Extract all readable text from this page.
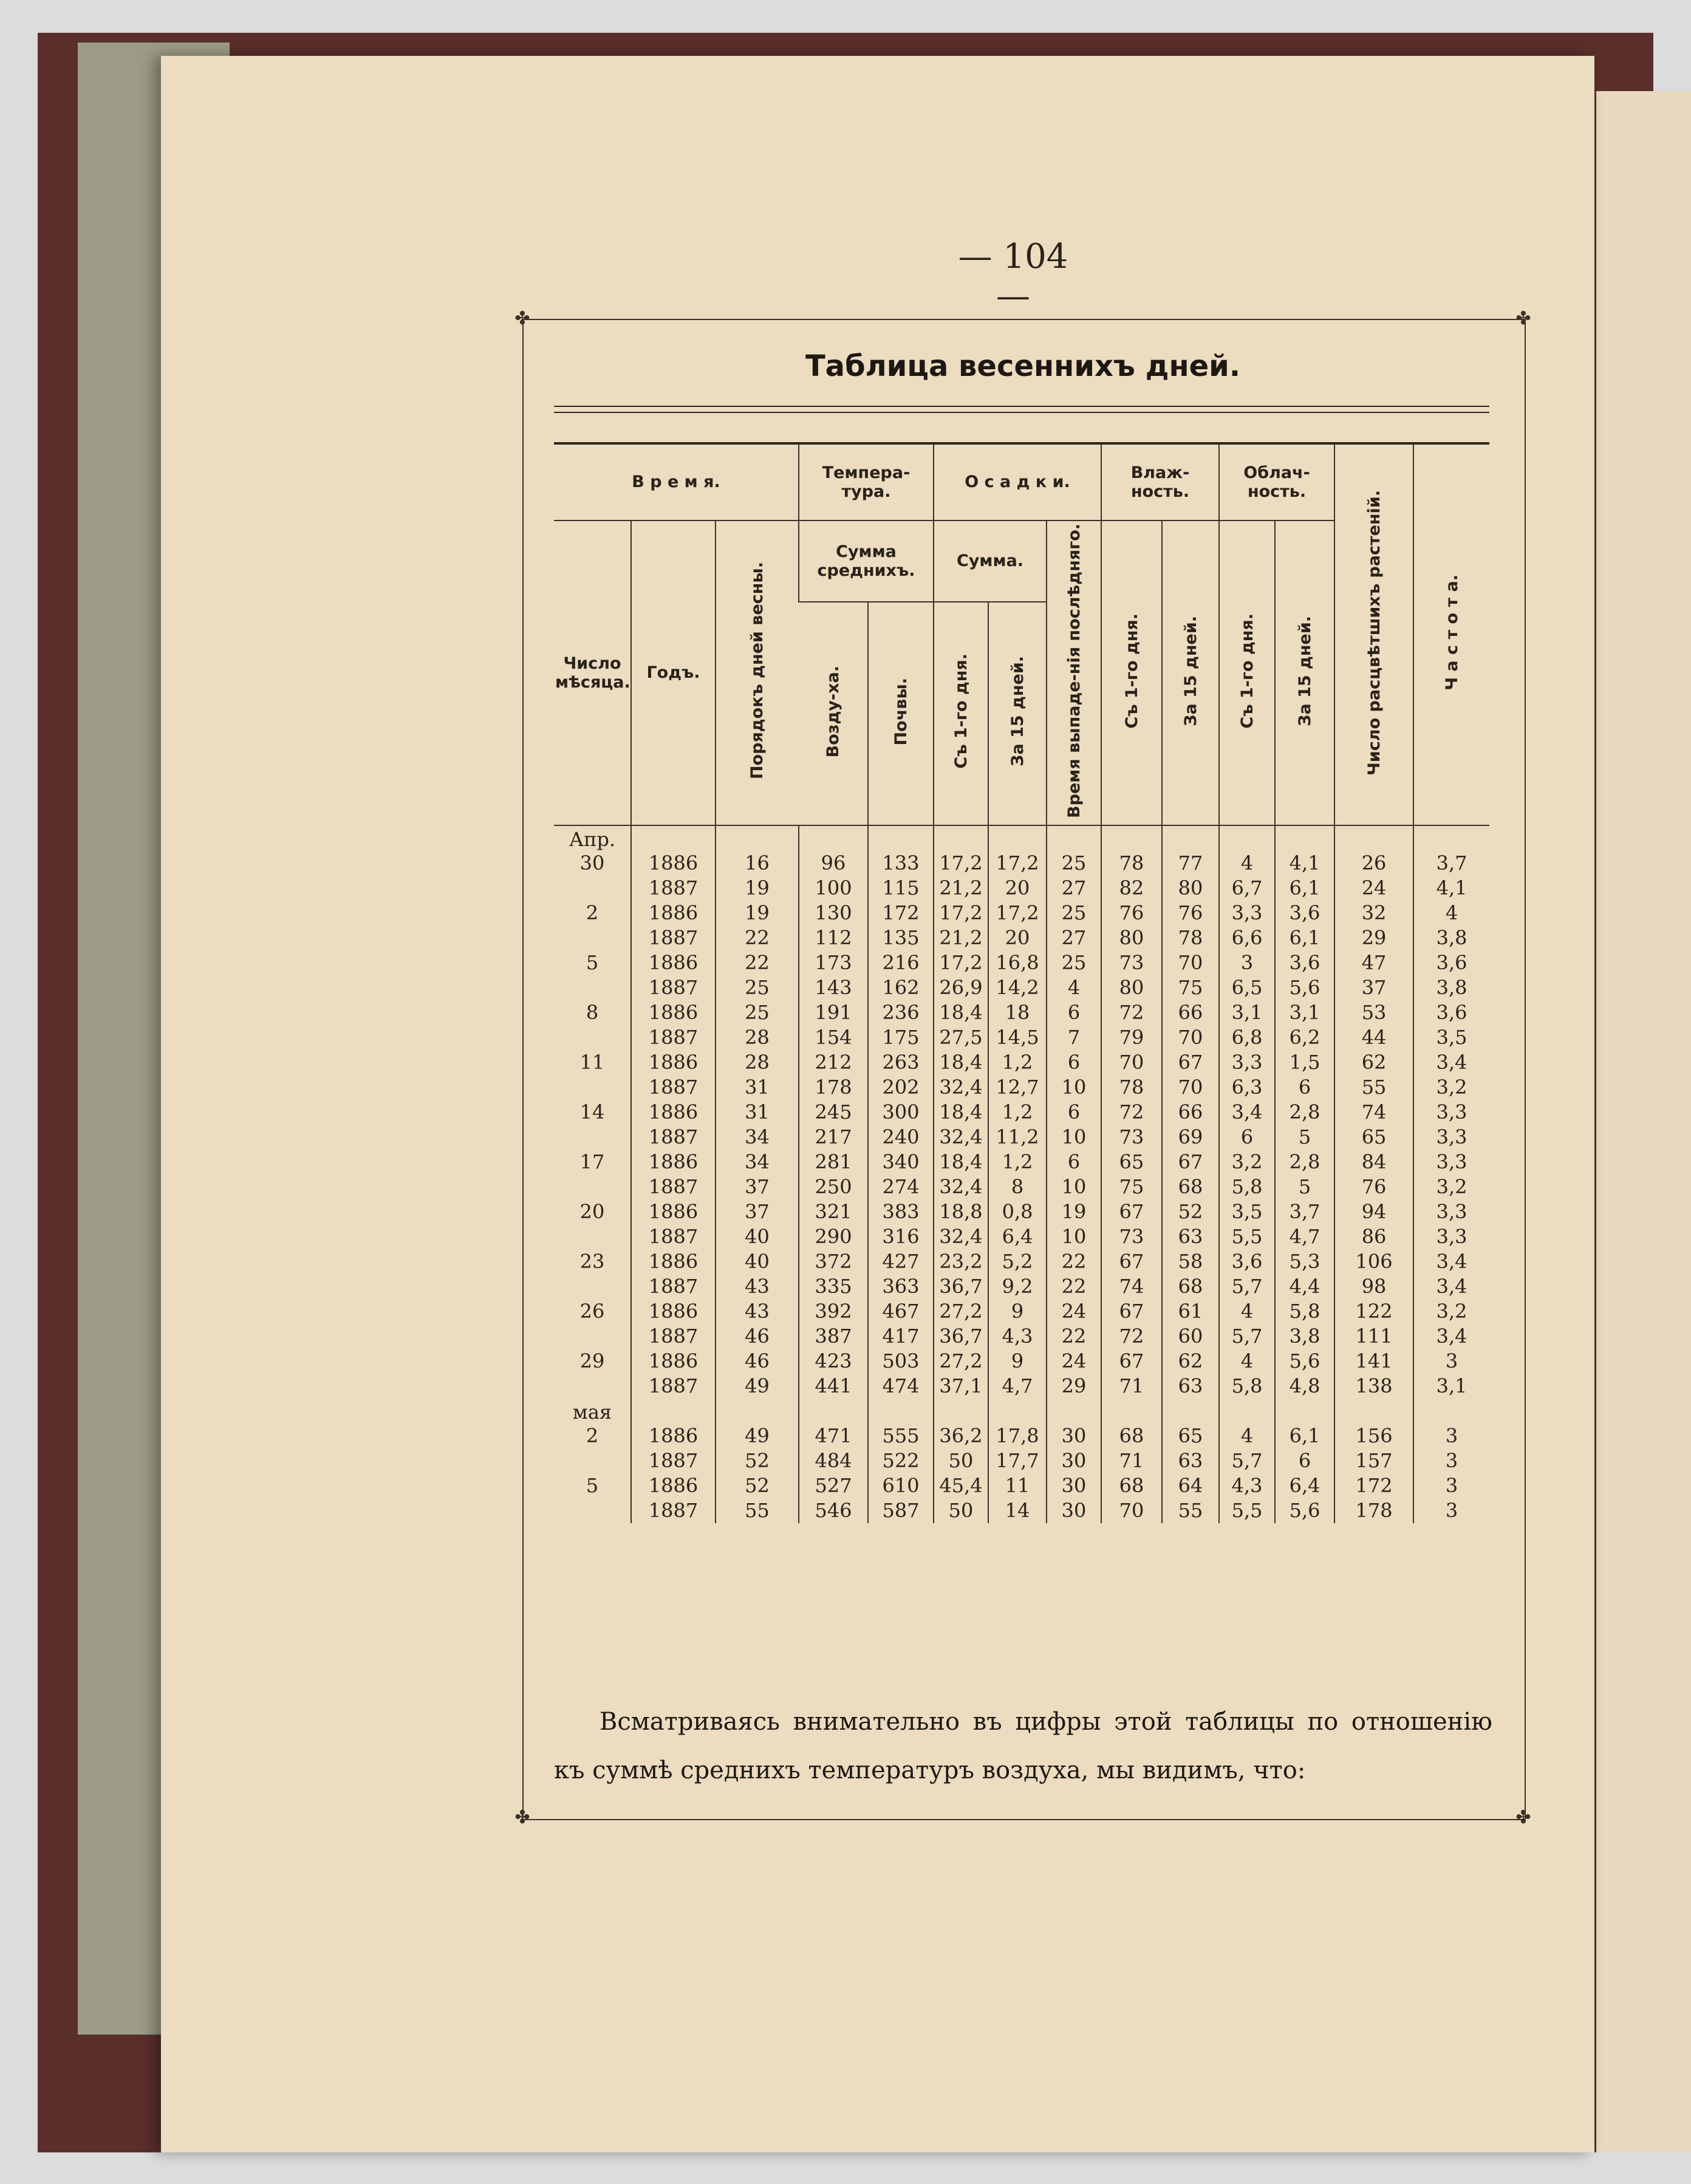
— 104 —
✤	✤
✤	✤
Таблица весеннихъ дней.
В р е м я.			Темпера-тура.		О с а д к и.			Влаж-ность.		Облач-ность.		Число расцвѣтшихъ растеній.	Ч а с т о т а.
Число мѣсяца.	Годъ.	Порядокъ дней весны.	Сумма среднихъ.		Сумма.		Время выпаде-нія послѣдняго.	Съ 1-го дня.	За 15 дней.	Съ 1-го дня.	За 15 дней.		
			Возду-ха.	Почвы.	Съ 1-го дня.	За 15 дней.							
Апр.													
30	1886	16	96	133	17,2	17,2	25	78	77	4	4,1	26	3,7
	1887	19	100	115	21,2	20	27	82	80	6,7	6,1	24	4,1
2	1886	19	130	172	17,2	17,2	25	76	76	3,3	3,6	32	4
	1887	22	112	135	21,2	20	27	80	78	6,6	6,1	29	3,8
5	1886	22	173	216	17,2	16,8	25	73	70	3	3,6	47	3,6
	1887	25	143	162	26,9	14,2	4	80	75	6,5	5,6	37	3,8
8	1886	25	191	236	18,4	18	6	72	66	3,1	3,1	53	3,6
	1887	28	154	175	27,5	14,5	7	79	70	6,8	6,2	44	3,5
11	1886	28	212	263	18,4	1,2	6	70	67	3,3	1,5	62	3,4
	1887	31	178	202	32,4	12,7	10	78	70	6,3	6	55	3,2
14	1886	31	245	300	18,4	1,2	6	72	66	3,4	2,8	74	3,3
	1887	34	217	240	32,4	11,2	10	73	69	6	5	65	3,3
17	1886	34	281	340	18,4	1,2	6	65	67	3,2	2,8	84	3,3
	1887	37	250	274	32,4	8	10	75	68	5,8	5	76	3,2
20	1886	37	321	383	18,8	0,8	19	67	52	3,5	3,7	94	3,3
	1887	40	290	316	32,4	6,4	10	73	63	5,5	4,7	86	3,3
23	1886	40	372	427	23,2	5,2	22	67	58	3,6	5,3	106	3,4
	1887	43	335	363	36,7	9,2	22	74	68	5,7	4,4	98	3,4
26	1886	43	392	467	27,2	9	24	67	61	4	5,8	122	3,2
	1887	46	387	417	36,7	4,3	22	72	60	5,7	3,8	111	3,4
29	1886	46	423	503	27,2	9	24	67	62	4	5,6	141	3
	1887	49	441	474	37,1	4,7	29	71	63	5,8	4,8	138	3,1
мая													
2	1886	49	471	555	36,2	17,8	30	68	65	4	6,1	156	3
	1887	52	484	522	50	17,7	30	71	63	5,7	6	157	3
5	1886	52	527	610	45,4	11	30	68	64	4,3	6,4	172	3
	1887	55	546	587	50	14	30	70	55	5,5	5,6	178	3

Всматриваясь внимательно въ цифры этой таблицы по отношенію къ суммѣ среднихъ температуръ воздуха, мы видимъ, что:
